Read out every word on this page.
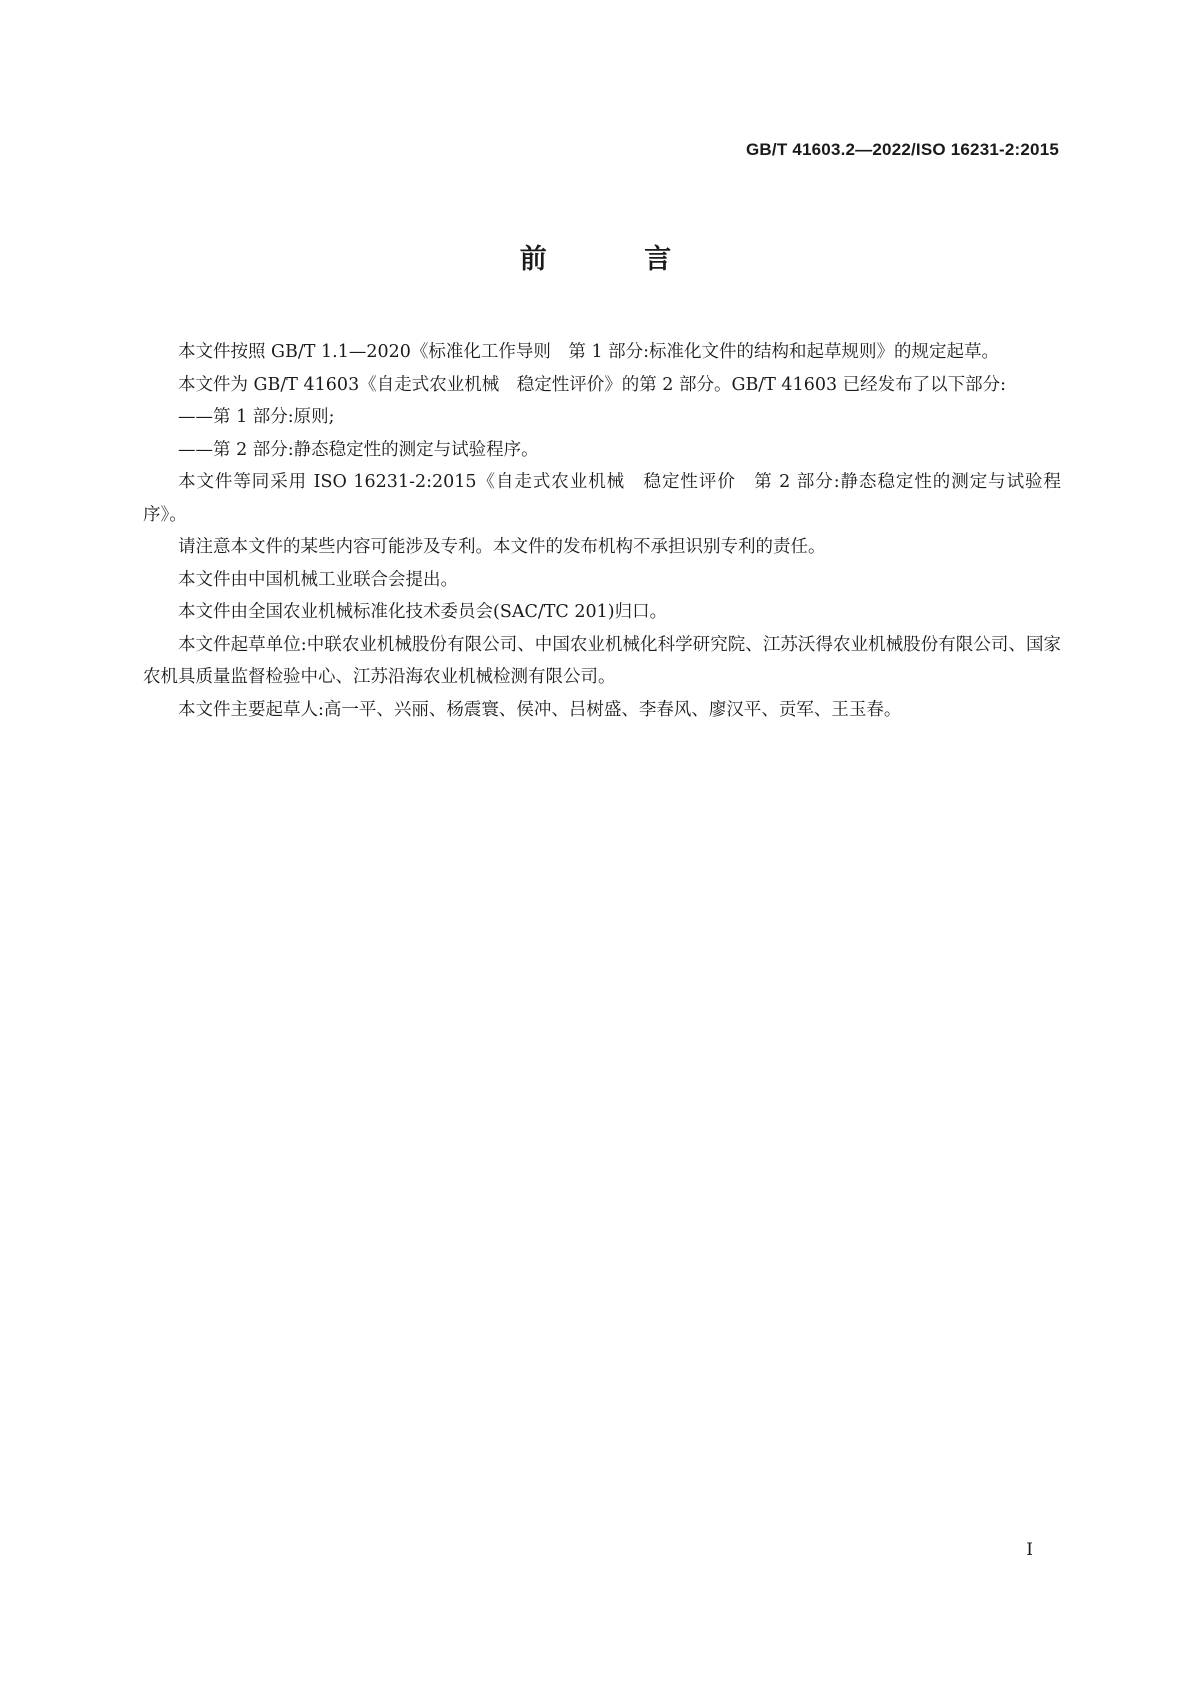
GB/T 41603.2—2022/ISO 16231-2:2015
前 言

本文件按照 GB/T 1.1—2020《标准化工作导则　第 1 部分:标准化文件的结构和起草规则》的规定起草。

本文件为 GB/T 41603《自走式农业机械　稳定性评价》的第 2 部分。GB/T 41603 已经发布了以下部分:

——第 1 部分:原则;

——第 2 部分:静态稳定性的测定与试验程序。

本文件等同采用 ISO 16231-2:2015《自走式农业机械　稳定性评价　第 2 部分:静态稳定性的测定与试验程序》。

请注意本文件的某些内容可能涉及专利。本文件的发布机构不承担识别专利的责任。

本文件由中国机械工业联合会提出。

本文件由全国农业机械标准化技术委员会(SAC/TC 201)归口。

本文件起草单位:中联农业机械股份有限公司、中国农业机械化科学研究院、江苏沃得农业机械股份有限公司、国家农机具质量监督检验中心、江苏沿海农业机械检测有限公司。

本文件主要起草人:高一平、兴丽、杨震寰、侯冲、吕树盛、李春风、廖汉平、贡军、王玉春。

I
